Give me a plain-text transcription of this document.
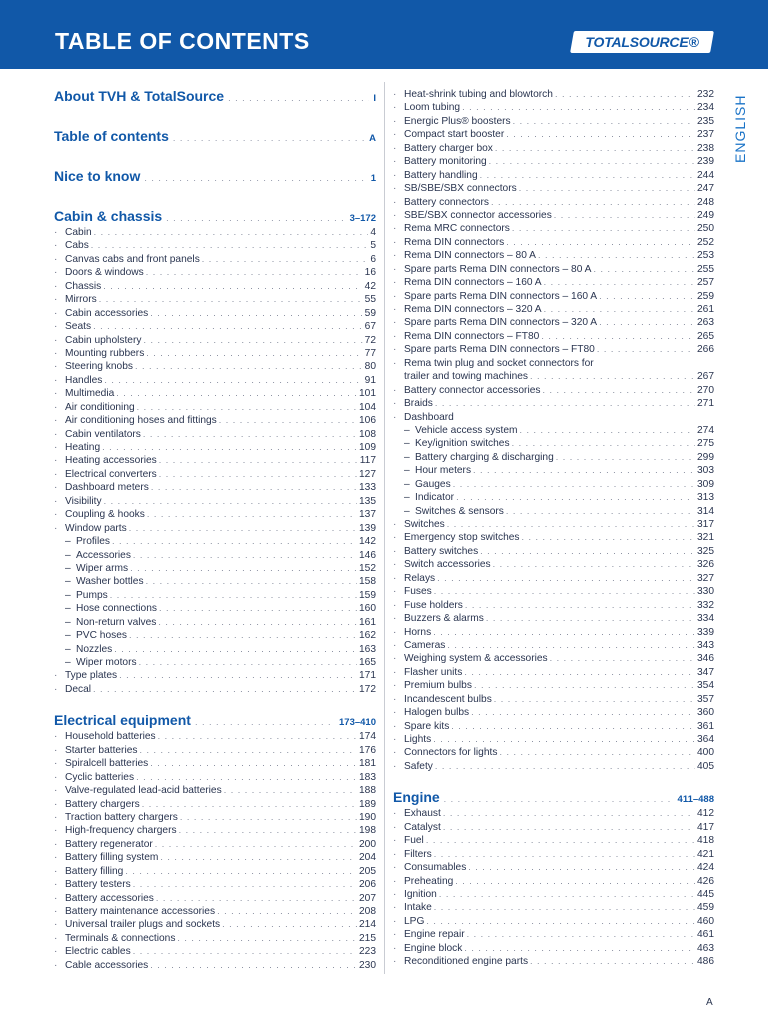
TABLE OF CONTENTS	TOTALSOURCE®
ENGLISH
About TVH & TotalSource . . .	I
Table of contents . . .	A
Nice to know . . .	1
Cabin & chassis . . .	3–172
· Cabin . . .	4
· Cabs . . .	5
· Canvas cabs and front panels . . .	6
· Doors & windows . . .	16
· Chassis . . .	42
· Mirrors . . .	55
· Cabin accessories . . .	59
· Seats . . .	67
· Cabin upholstery . . .	72
· Mounting rubbers . . .	77
· Steering knobs . . .	80
· Handles . . .	91
· Multimedia . . .	101
· Air conditioning . . .	104
· Air conditioning hoses and fittings . . .	106
· Cabin ventilators . . .	108
· Heating . . .	109
· Heating accessories . . .	117
· Electrical converters . . .	127
· Dashboard meters . . .	133
· Visibility . . .	135
· Coupling & hooks . . .	137
· Window parts . . .	139
– Profiles . . .	142
– Accessories . . .	146
– Wiper arms . . .	152
– Washer bottles . . .	158
– Pumps . . .	159
– Hose connections . . .	160
– Non-return valves . . .	161
– PVC hoses . . .	162
– Nozzles . . .	163
– Wiper motors . . .	165
· Type plates . . .	171
· Decal . . .	172
Electrical equipment . . .	173–410
· Household batteries . . .	174
· Starter batteries . . .	176
· Spiralcell batteries . . .	181
· Cyclic batteries . . .	183
· Valve-regulated lead-acid batteries . . .	188
· Battery chargers . . .	189
· Traction battery chargers . . .	190
· High-frequency chargers . . .	198
· Battery regenerator . . .	200
· Battery filling system . . .	204
· Battery filling . . .	205
· Battery testers . . .	206
· Battery accessories . . .	207
· Battery maintenance accessories . . .	208
· Universal trailer plugs and sockets . . .	214
· Terminals & connections . . .	215
· Electric cables . . .	223
· Cable accessories . . .	230
· Heat-shrink tubing and blowtorch . . .	232
· Loom tubing . . .	234
· Energic Plus® boosters . . .	235
· Compact start booster . . .	237
· Battery charger box . . .	238
· Battery monitoring . . .	239
· Battery handling . . .	244
· SB/SBE/SBX connectors . . .	247
· Battery connectors . . .	248
· SBE/SBX connector accessories . . .	249
· Rema MRC connectors . . .	250
· Rema DIN connectors . . .	252
· Rema DIN connectors – 80 A . . .	253
· Spare parts Rema DIN connectors – 80 A . . .	255
· Rema DIN connectors – 160 A . . .	257
· Spare parts Rema DIN connectors – 160 A . . .	259
· Rema DIN connectors – 320 A . . .	261
· Spare parts Rema DIN connectors – 320 A . . .	263
· Rema DIN connectors – FT80 . . .	265
· Spare parts Rema DIN connectors – FT80 . . .	266
· Rema twin plug and socket connectors for
trailer and towing machines . . .	267
· Battery connector accessories . . .	270
· Braids . . .	271
· Dashboard
– Vehicle access system . . .	274
– Key/ignition switches . . .	275
– Battery charging & discharging . . .	299
– Hour meters . . .	303
– Gauges . . .	309
– Indicator . . .	313
– Switches & sensors . . .	314
· Switches . . .	317
· Emergency stop switches . . .	321
· Battery switches . . .	325
· Switch accessories . . .	326
· Relays . . .	327
· Fuses . . .	330
· Fuse holders . . .	332
· Buzzers & alarms . . .	334
· Horns . . .	339
· Cameras . . .	343
· Weighing system & accessories . . .	346
· Flasher units . . .	347
· Premium bulbs . . .	354
· Incandescent bulbs . . .	357
· Halogen bulbs . . .	360
· Spare kits . . .	361
· Lights . . .	364
· Connectors for lights . . .	400
· Safety . . .	405
Engine . . .	411–488
· Exhaust . . .	412
· Catalyst . . .	417
· Fuel . . .	418
· Filters . . .	421
· Consumables . . .	424
· Preheating . . .	426
· Ignition . . .	445
· Intake . . .	459
· LPG . . .	460
· Engine repair . . .	461
· Engine block . . .	463
· Reconditioned engine parts . . .	486
A
